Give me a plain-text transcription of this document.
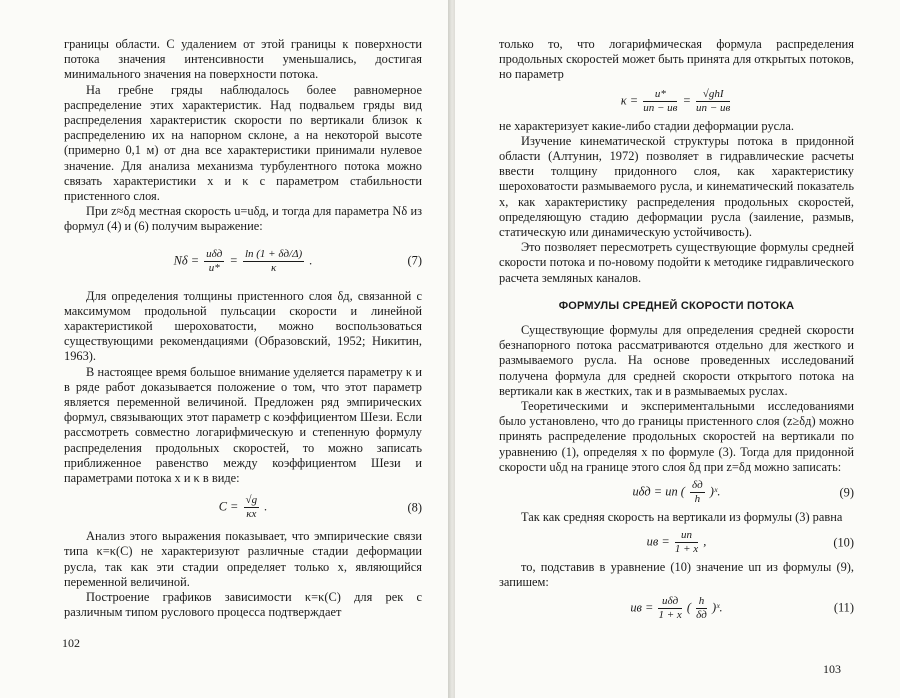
границы области. С удалением от этой границы к поверхности потока значения интенсивности уменьшались, достигая минимального значения на поверхности потока.

На гребне гряды наблюдалось более равномерное распределение этих характеристик. Над подвальем гряды вид распределения характеристик скорости по вертикали близок к распределению их на напорном склоне, а на некоторой высоте (примерно 0,1 м) от дна все характеристики принимали нулевое значение. Для анализа механизма турбулентного потока можно связать характеристики x и κ с параметром стабильности пристенного слоя.

При z≈δд местная скорость u=uδд, и тогда для параметра Nδ из формул (4) и (6) получим выражение:

$N\delta = \frac{\text{uδд}}{u*} = \frac{\ln (1 + \delta д/\Delta)}{\kappa}$ .	(7)

Для определения толщины пристенного слоя δд, связанной с максимумом продольной пульсации скорости и линейной характеристикой шероховатости, можно воспользоваться существующими рекомендациями (Образовский, 1952; Никитин, 1963).

В настоящее время большое внимание уделяется параметру κ и в ряде работ доказывается положение о том, что этот параметр является переменной величиной. Предложен ряд эмпирических формул, связывающих этот параметр с коэффициентом Шези. Если рассмотреть совместно логарифмическую и степенную формулу распределения продольных скоростей, то можно записать приближенное равенство между коэффициентом Шези и параметрами потока x и κ в виде:

$C = \frac{√g}{\kappa x}$ .	(8)

Анализ этого выражения показывает, что эмпирические связи типа κ=κ(C) не характеризуют различные стадии деформации русла, так как эти стадии определяет только x, являющийся переменной величиной.

Построение графиков зависимости κ=κ(C) для рек с различным типом руслового процесса подтверждает

102

только то, что логарифмическая формула распределения продольных скоростей может быть принята для открытых потоков, но параметр

$\kappa = \frac{u*}{uп - uв} = \frac{\text{√ghI}}{uп - uв}$

не характеризует какие-либо стадии деформации русла.

Изучение кинематической структуры потока в придонной области (Алтунин, 1972) позволяет в гидравлические расчеты ввести толщину придонного слоя, как характеристику шероховатости размываемого русла, и кинематический показатель x, как характеристику распределения продольных скоростей, определяющую стадию деформации русла (заиление, размыв, статическую или динамическую устойчивость).

Это позволяет пересмотреть существующие формулы средней скорости потока и по-новому подойти к методике гидравлического расчета земляных каналов.

ФОРМУЛЫ СРЕДНЕЙ СКОРОСТИ ПОТОКА

Существующие формулы для определения средней скорости безнапорного потока рассматриваются отдельно для жесткого и размываемого русла. На основе проведенных исследований получена формула для средней скорости открытого потока на вертикали как в жестких, так и в размываемых руслах.

Теоретическими и экспериментальными исследованиями было установлено, что до границы пристенного слоя (z≥δд) можно принять распределение продольных скоростей на вертикали по уравнению (1), определяя x по формуле (3). Тогда для придонной скорости uδд на границе этого слоя δд при z=δд можно записать:

uδд = uп ( $\frac{\delta д}{h}$ )ˣ.	(9)

Так как средняя скорость на вертикали из формулы (3) равна

uв = $\frac{uп}{1 + x}$ ,	(10)

то, подставив в уравнение (10) значение uп из формулы (9), запишем:

uв = $\frac{\text{uδд}}{1 + x}$ ( $\frac{h}{\delta д}$ )ˣ.	(11)
103
